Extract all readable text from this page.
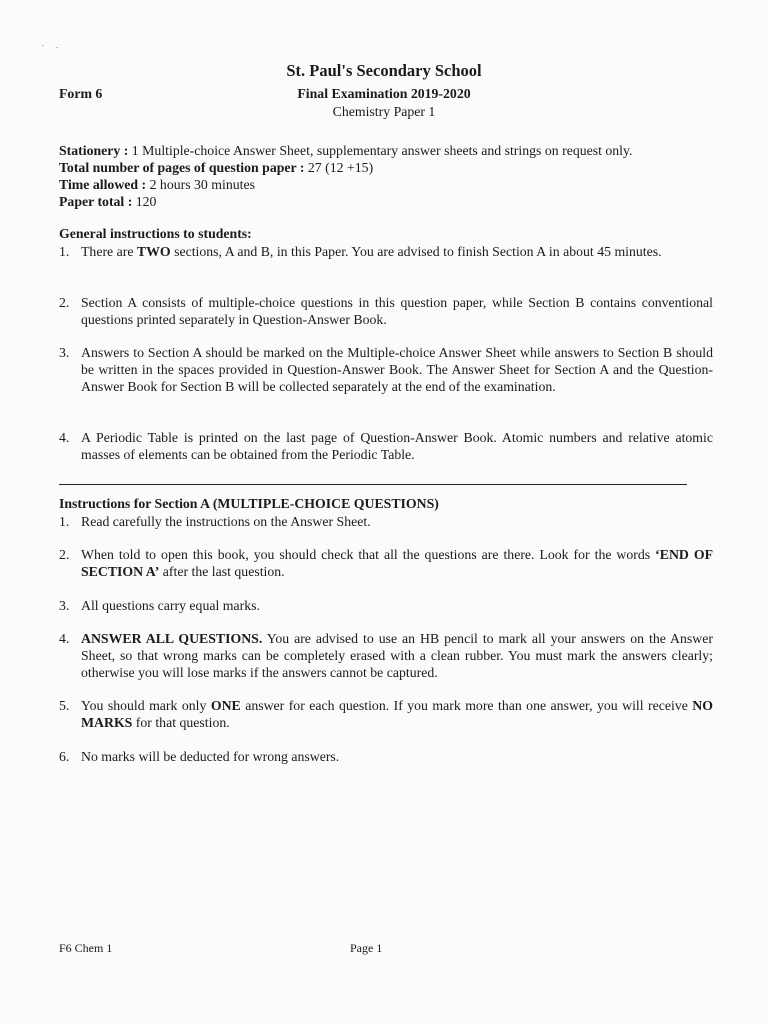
St. Paul's Secondary School
Form 6	Final Examination 2019-2020
Chemistry Paper 1
Stationery : 1 Multiple-choice Answer Sheet, supplementary answer sheets and strings on request only.
Total number of pages of question paper : 27 (12 +15)
Time allowed : 2 hours 30 minutes
Paper total : 120
General instructions to students:
1. There are TWO sections, A and B, in this Paper. You are advised to finish Section A in about 45 minutes.
2. Section A consists of multiple-choice questions in this question paper, while Section B contains conventional questions printed separately in Question-Answer Book.
3. Answers to Section A should be marked on the Multiple-choice Answer Sheet while answers to Section B should be written in the spaces provided in Question-Answer Book. The Answer Sheet for Section A and the Question-Answer Book for Section B will be collected separately at the end of the examination.
4. A Periodic Table is printed on the last page of Question-Answer Book. Atomic numbers and relative atomic masses of elements can be obtained from the Periodic Table.
Instructions for Section A (MULTIPLE-CHOICE QUESTIONS)
1. Read carefully the instructions on the Answer Sheet.
2. When told to open this book, you should check that all the questions are there. Look for the words ‘END OF SECTION A’ after the last question.
3. All questions carry equal marks.
4. ANSWER ALL QUESTIONS. You are advised to use an HB pencil to mark all your answers on the Answer Sheet, so that wrong marks can be completely erased with a clean rubber. You must mark the answers clearly; otherwise you will lose marks if the answers cannot be captured.
5. You should mark only ONE answer for each question. If you mark more than one answer, you will receive NO MARKS for that question.
6. No marks will be deducted for wrong answers.
F6 Chem 1	Page 1
